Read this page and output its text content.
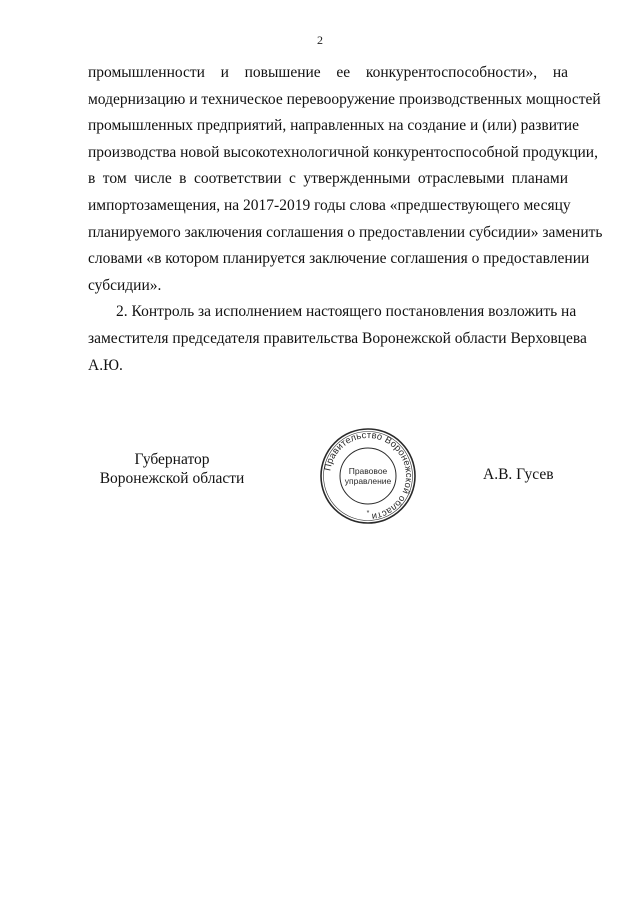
2
промышленности и повышение ее конкурентоспособности», на
модернизацию и техническое перевооружение производственных мощностей
промышленных предприятий, направленных на создание и (или) развитие
производства новой высокотехнологичной конкурентоспособной продукции,
в том числе в соответствии с утвержденными отраслевыми планами
импортозамещения, на 2017-2019 годы слова «предшествующего месяцу
планируемого заключения соглашения о предоставлении субсидии» заменить
словами «в котором планируется заключение соглашения о предоставлении
субсидии».
2. Контроль за исполнением настоящего постановления возложить на
заместителя председателя правительства Воронежской области Верховцева
А.Ю.
Губернатор
Воронежской области
Правительство Воронежской области
Правовое
управление
*
А.В. Гусев
